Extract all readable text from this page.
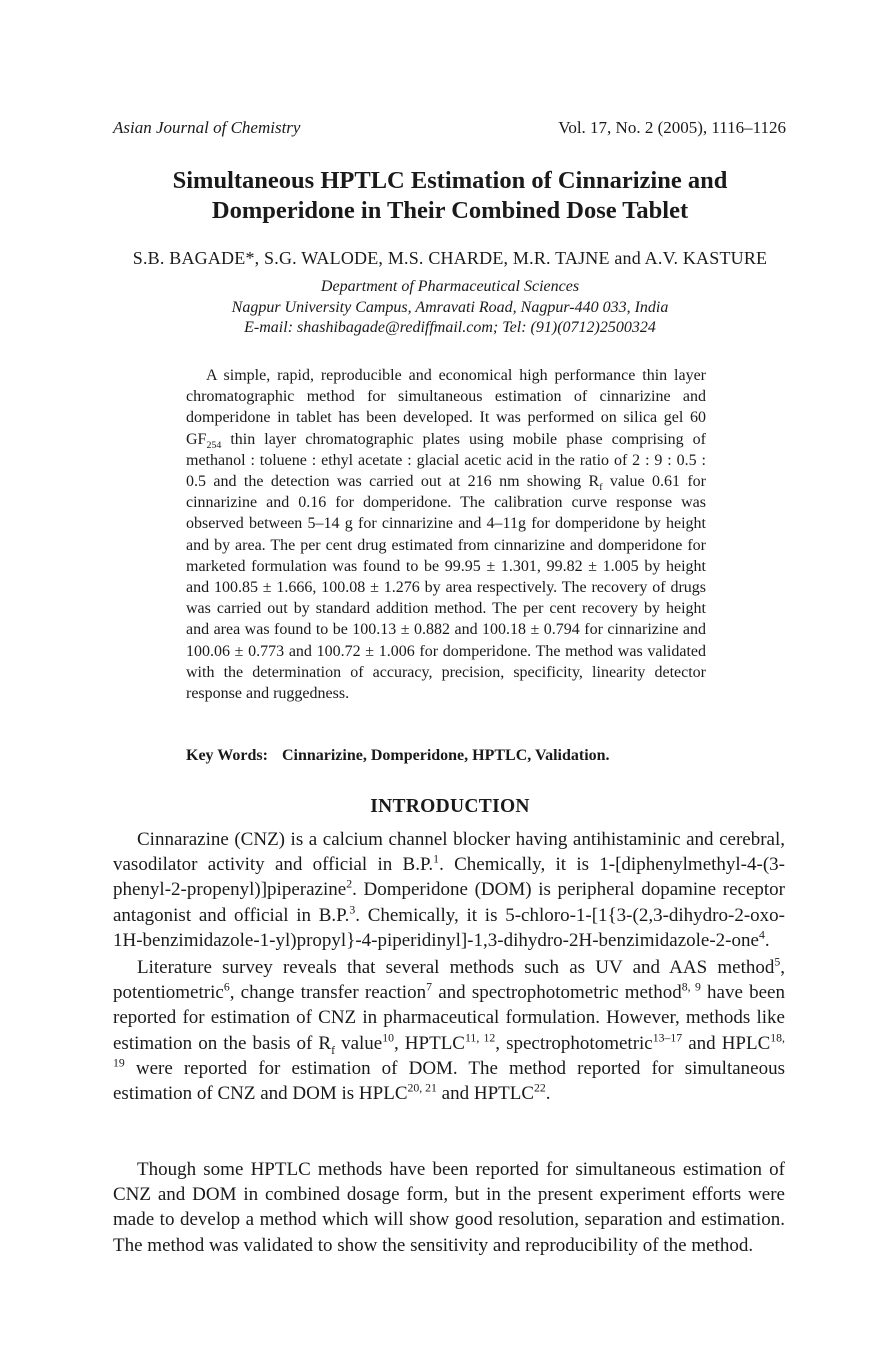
Asian Journal of Chemistry	Vol. 17, No. 2 (2005), 1116–1126
Simultaneous HPTLC Estimation of Cinnarizine and
Domperidone in Their Combined Dose Tablet
S.B. BAGADE*, S.G. WALODE, M.S. CHARDE, M.R. TAJNE and A.V. KASTURE
Department of Pharmaceutical Sciences
Nagpur University Campus, Amravati Road, Nagpur-440 033, India
E-mail: shashibagade@rediffmail.com; Tel: (91)(0712)2500324

A simple, rapid, reproducible and economical high performance thin layer chromatographic method for simultaneous estimation of cinnarizine and domperidone in tablet has been developed. It was performed on silica gel 60 $GF_{254}$ thin layer chromatographic plates using mobile phase comprising of methanol : toluene : ethyl acetate : glacial acetic acid in the ratio of 2 : 9 : 0.5 : 0.5 and the detection was carried out at 216 nm showing $R_f$ value 0.61 for cinnarizine and 0.16 for domperidone. The calibration curve response was observed between 5–14 g for cinnarizine and 4–11g for domperidone by height and by area. The per cent drug estimated from cinnarizine and domperidone for marketed formulation was found to be 99.95 ± 1.301, 99.82 ± 1.005 by height and 100.85 ± 1.666, 100.08 ± 1.276 by area respectively. The recovery of drugs was carried out by standard addition method. The per cent recovery by height and area was found to be 100.13 ± 0.882 and 100.18 ± 0.794 for cinnarizine and 100.06 ± 0.773 and 100.72 ± 1.006 for domperidone. The method was validated with the determination of accuracy, precision, specificity, linearity detector response and ruggedness.

Key Words: Cinnarizine, Domperidone, HPTLC, Validation.
INTRODUCTION

Cinnarazine (CNZ) is a calcium channel blocker having antihistaminic and cerebral, vasodilator activity and official in B.P.$^1$. Chemically, it is 1-[diphenylmethyl-4-(3-phenyl-2-propenyl)]piperazine$^2$. Domperidone (DOM) is peripheral dopamine receptor antagonist and official in B.P.$^3$. Chemically, it is 5-chloro-1-[1{3-(2,3-dihydro-2-oxo-1H-benzimidazole-1-yl)propyl}-4-piperidinyl]-1,3-dihydro-2H-benzimidazole-2-one$^4$.

Literature survey reveals that several methods such as UV and AAS method$^5$, potentiometric$^6$, change transfer reaction$^7$ and spectrophotometric method$^{8, 9}$ have been reported for estimation of CNZ in pharmaceutical formulation. However, methods like estimation on the basis of $R_f$ value$^{10}$, HPTLC$^{11, 12}$, spectrophotometric$^{13-17}$ and HPLC$^{18, 19}$ were reported for estimation of DOM. The method reported for simultaneous estimation of CNZ and DOM is HPLC$^{20, 21}$ and HPTLC$^{22}$.

Though some HPTLC methods have been reported for simultaneous estimation of CNZ and DOM in combined dosage form, but in the present experiment efforts were made to develop a method which will show good resolution, separation and estimation. The method was validated to show the sensitivity and reproducibility of the method.
